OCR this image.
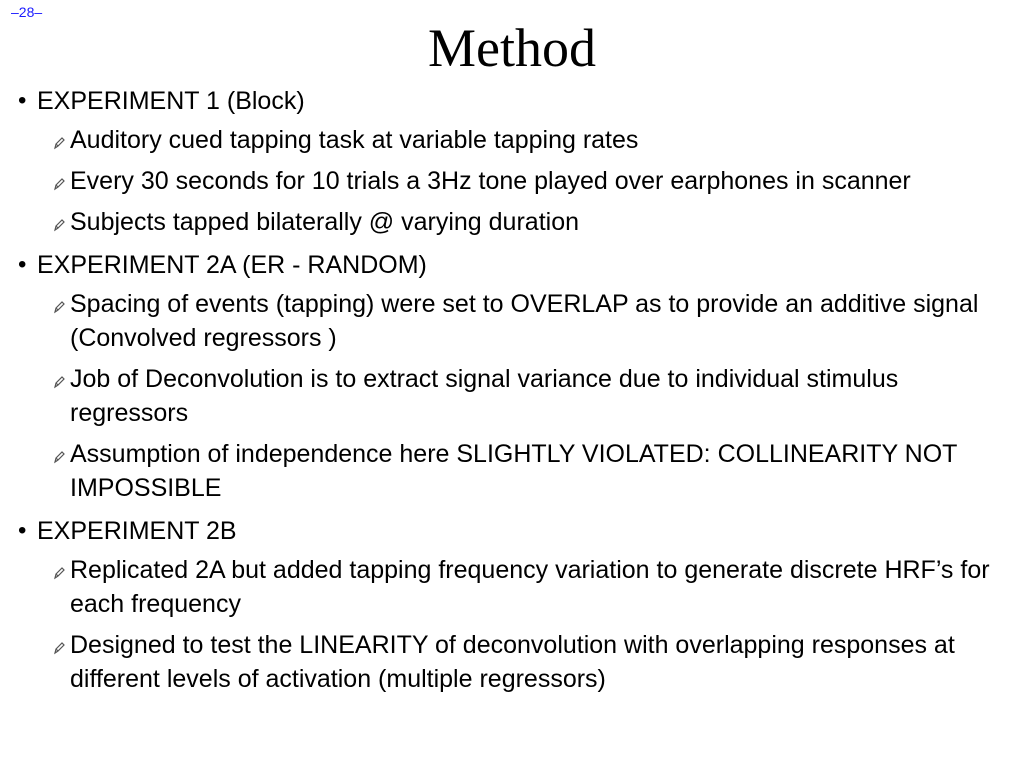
–28–
Method
• EXPERIMENT 1 (Block)
Auditory cued tapping task at variable tapping rates
Every 30 seconds for 10 trials a 3Hz tone played over earphones in scanner
Subjects tapped bilaterally @ varying duration
• EXPERIMENT 2A (ER - RANDOM)
Spacing of events (tapping) were set to OVERLAP as to provide an additive signal (Convolved regressors )
Job of Deconvolution is to extract signal variance due to individual stimulus regressors
Assumption of independence here SLIGHTLY VIOLATED: COLLINEARITY NOT IMPOSSIBLE
• EXPERIMENT 2B
Replicated 2A but added tapping frequency variation to generate discrete HRF’s for each frequency
Designed to test the LINEARITY of deconvolution with overlapping responses at different levels of activation (multiple regressors)
